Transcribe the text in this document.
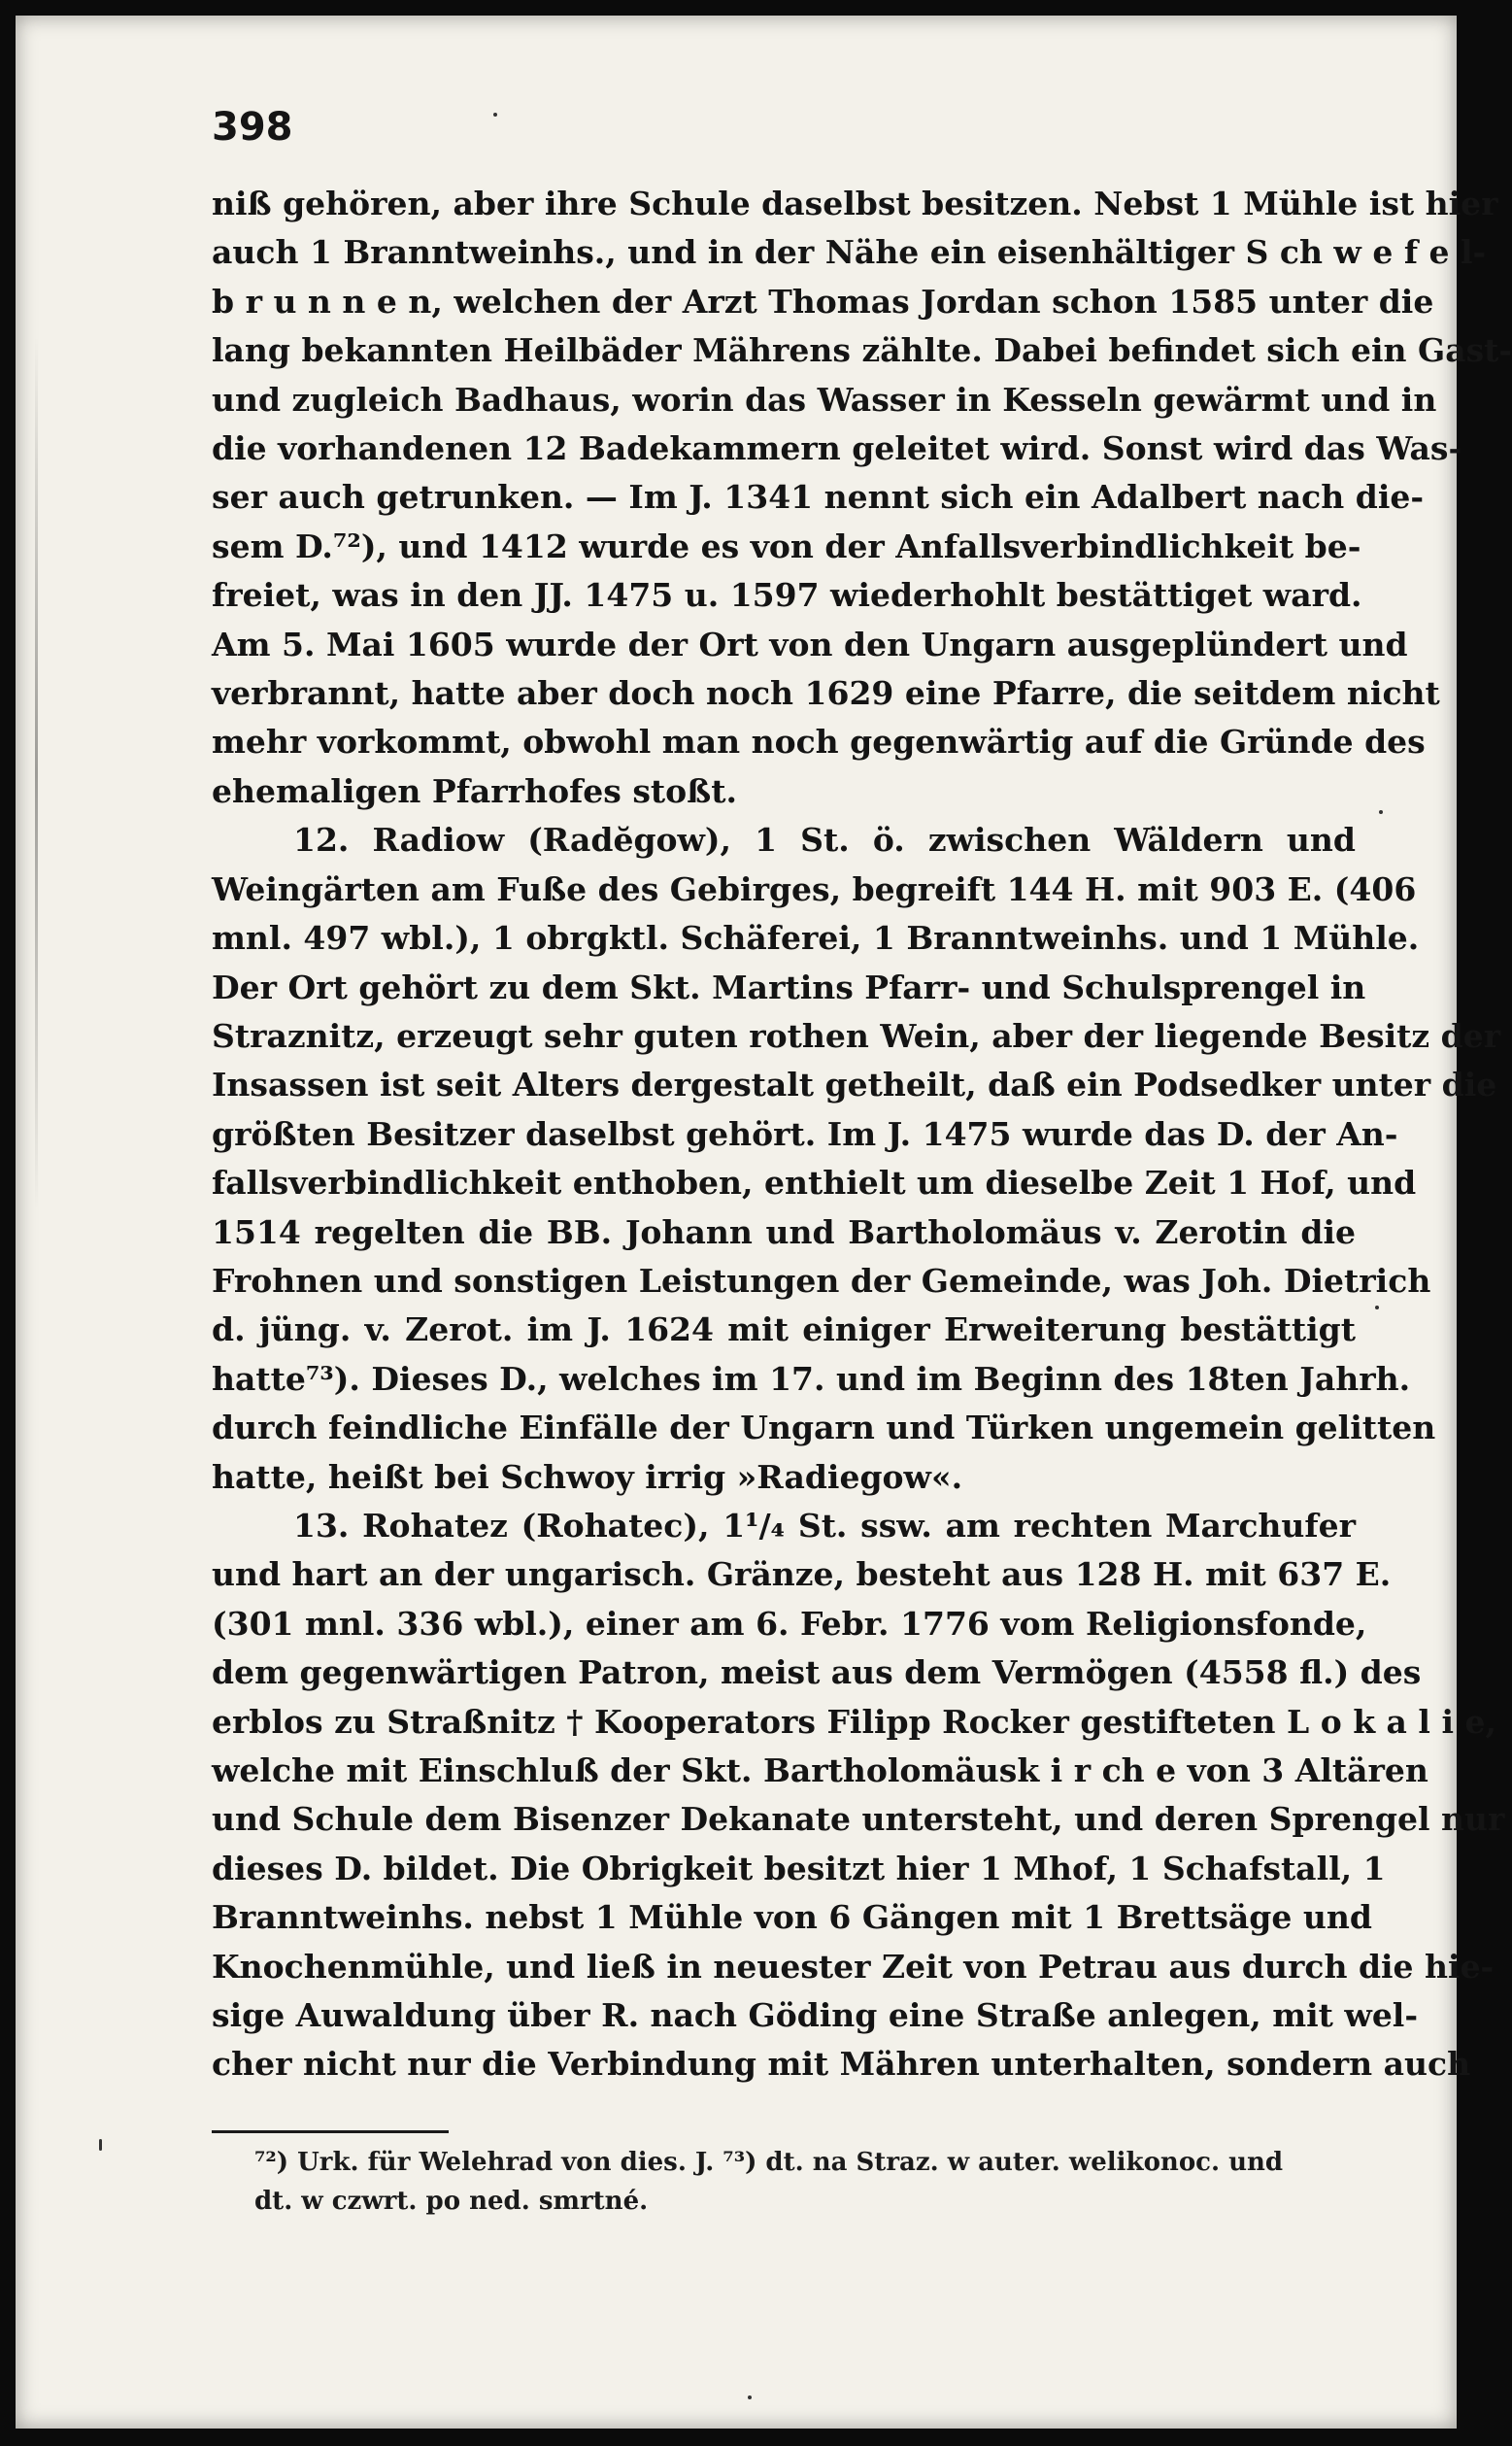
398
niß gehören, aber ihre Schule daselbst besitzen. Nebst 1 Mühle ist hier
auch 1 Branntweinhs., und in der Nähe ein eisenhältiger S ch w e f e l-
b r u n n e n, welchen der Arzt Thomas Jordan schon 1585 unter die
lang bekannten Heilbäder Mährens zählte. Dabei befindet sich ein Gast-
und zugleich Badhaus, worin das Wasser in Kesseln gewärmt und in
die vorhandenen 12 Badekammern geleitet wird. Sonst wird das Was-
ser auch getrunken. — Im J. 1341 nennt sich ein Adalbert nach die-
sem D.⁷²), und 1412 wurde es von der Anfallsverbindlichkeit be-
freiet, was in den JJ. 1475 u. 1597 wiederhohlt bestättiget ward.
Am 5. Mai 1605 wurde der Ort von den Ungarn ausgeplündert und
verbrannt, hatte aber doch noch 1629 eine Pfarre, die seitdem nicht
mehr vorkommt, obwohl man noch gegenwärtig auf die Gründe des
ehemaligen Pfarrhofes stoßt.
12. Radiow (Radĕgow), 1 St. ö. zwischen Wäldern und
Weingärten am Fuße des Gebirges, begreift 144 H. mit 903 E. (406
mnl. 497 wbl.), 1 obrgktl. Schäferei, 1 Branntweinhs. und 1 Mühle.
Der Ort gehört zu dem Skt. Martins Pfarr- und Schulsprengel in
Straznitz, erzeugt sehr guten rothen Wein, aber der liegende Besitz der
Insassen ist seit Alters dergestalt getheilt, daß ein Podsedker unter die
größten Besitzer daselbst gehört. Im J. 1475 wurde das D. der An-
fallsverbindlichkeit enthoben, enthielt um dieselbe Zeit 1 Hof, und
1514 regelten die BB. Johann und Bartholomäus v. Zerotin die
Frohnen und sonstigen Leistungen der Gemeinde, was Joh. Dietrich
d. jüng. v. Zerot. im J. 1624 mit einiger Erweiterung bestättigt
hatte⁷³). Dieses D., welches im 17. und im Beginn des 18ten Jahrh.
durch feindliche Einfälle der Ungarn und Türken ungemein gelitten
hatte, heißt bei Schwoy irrig »Radiegow«.
13. Rohatez (Rohatec), 1¹/₄ St. ssw. am rechten Marchufer
und hart an der ungarisch. Gränze, besteht aus 128 H. mit 637 E.
(301 mnl. 336 wbl.), einer am 6. Febr. 1776 vom Religionsfonde,
dem gegenwärtigen Patron, meist aus dem Vermögen (4558 fl.) des
erblos zu Straßnitz † Kooperators Filipp Rocker gestifteten L o k a l i e,
welche mit Einschluß der Skt. Bartholomäusk i r ch e von 3 Altären
und Schule dem Bisenzer Dekanate untersteht, und deren Sprengel nur
dieses D. bildet. Die Obrigkeit besitzt hier 1 Mhof, 1 Schafstall, 1
Branntweinhs. nebst 1 Mühle von 6 Gängen mit 1 Brettsäge und
Knochenmühle, und ließ in neuester Zeit von Petrau aus durch die hie-
sige Auwaldung über R. nach Göding eine Straße anlegen, mit wel-
cher nicht nur die Verbindung mit Mähren unterhalten, sondern auch
⁷²) Urk. für Welehrad von dies. J. ⁷³) dt. na Straz. w auter. welikonoc. und
dt. w czwrt. po ned. smrtné.
